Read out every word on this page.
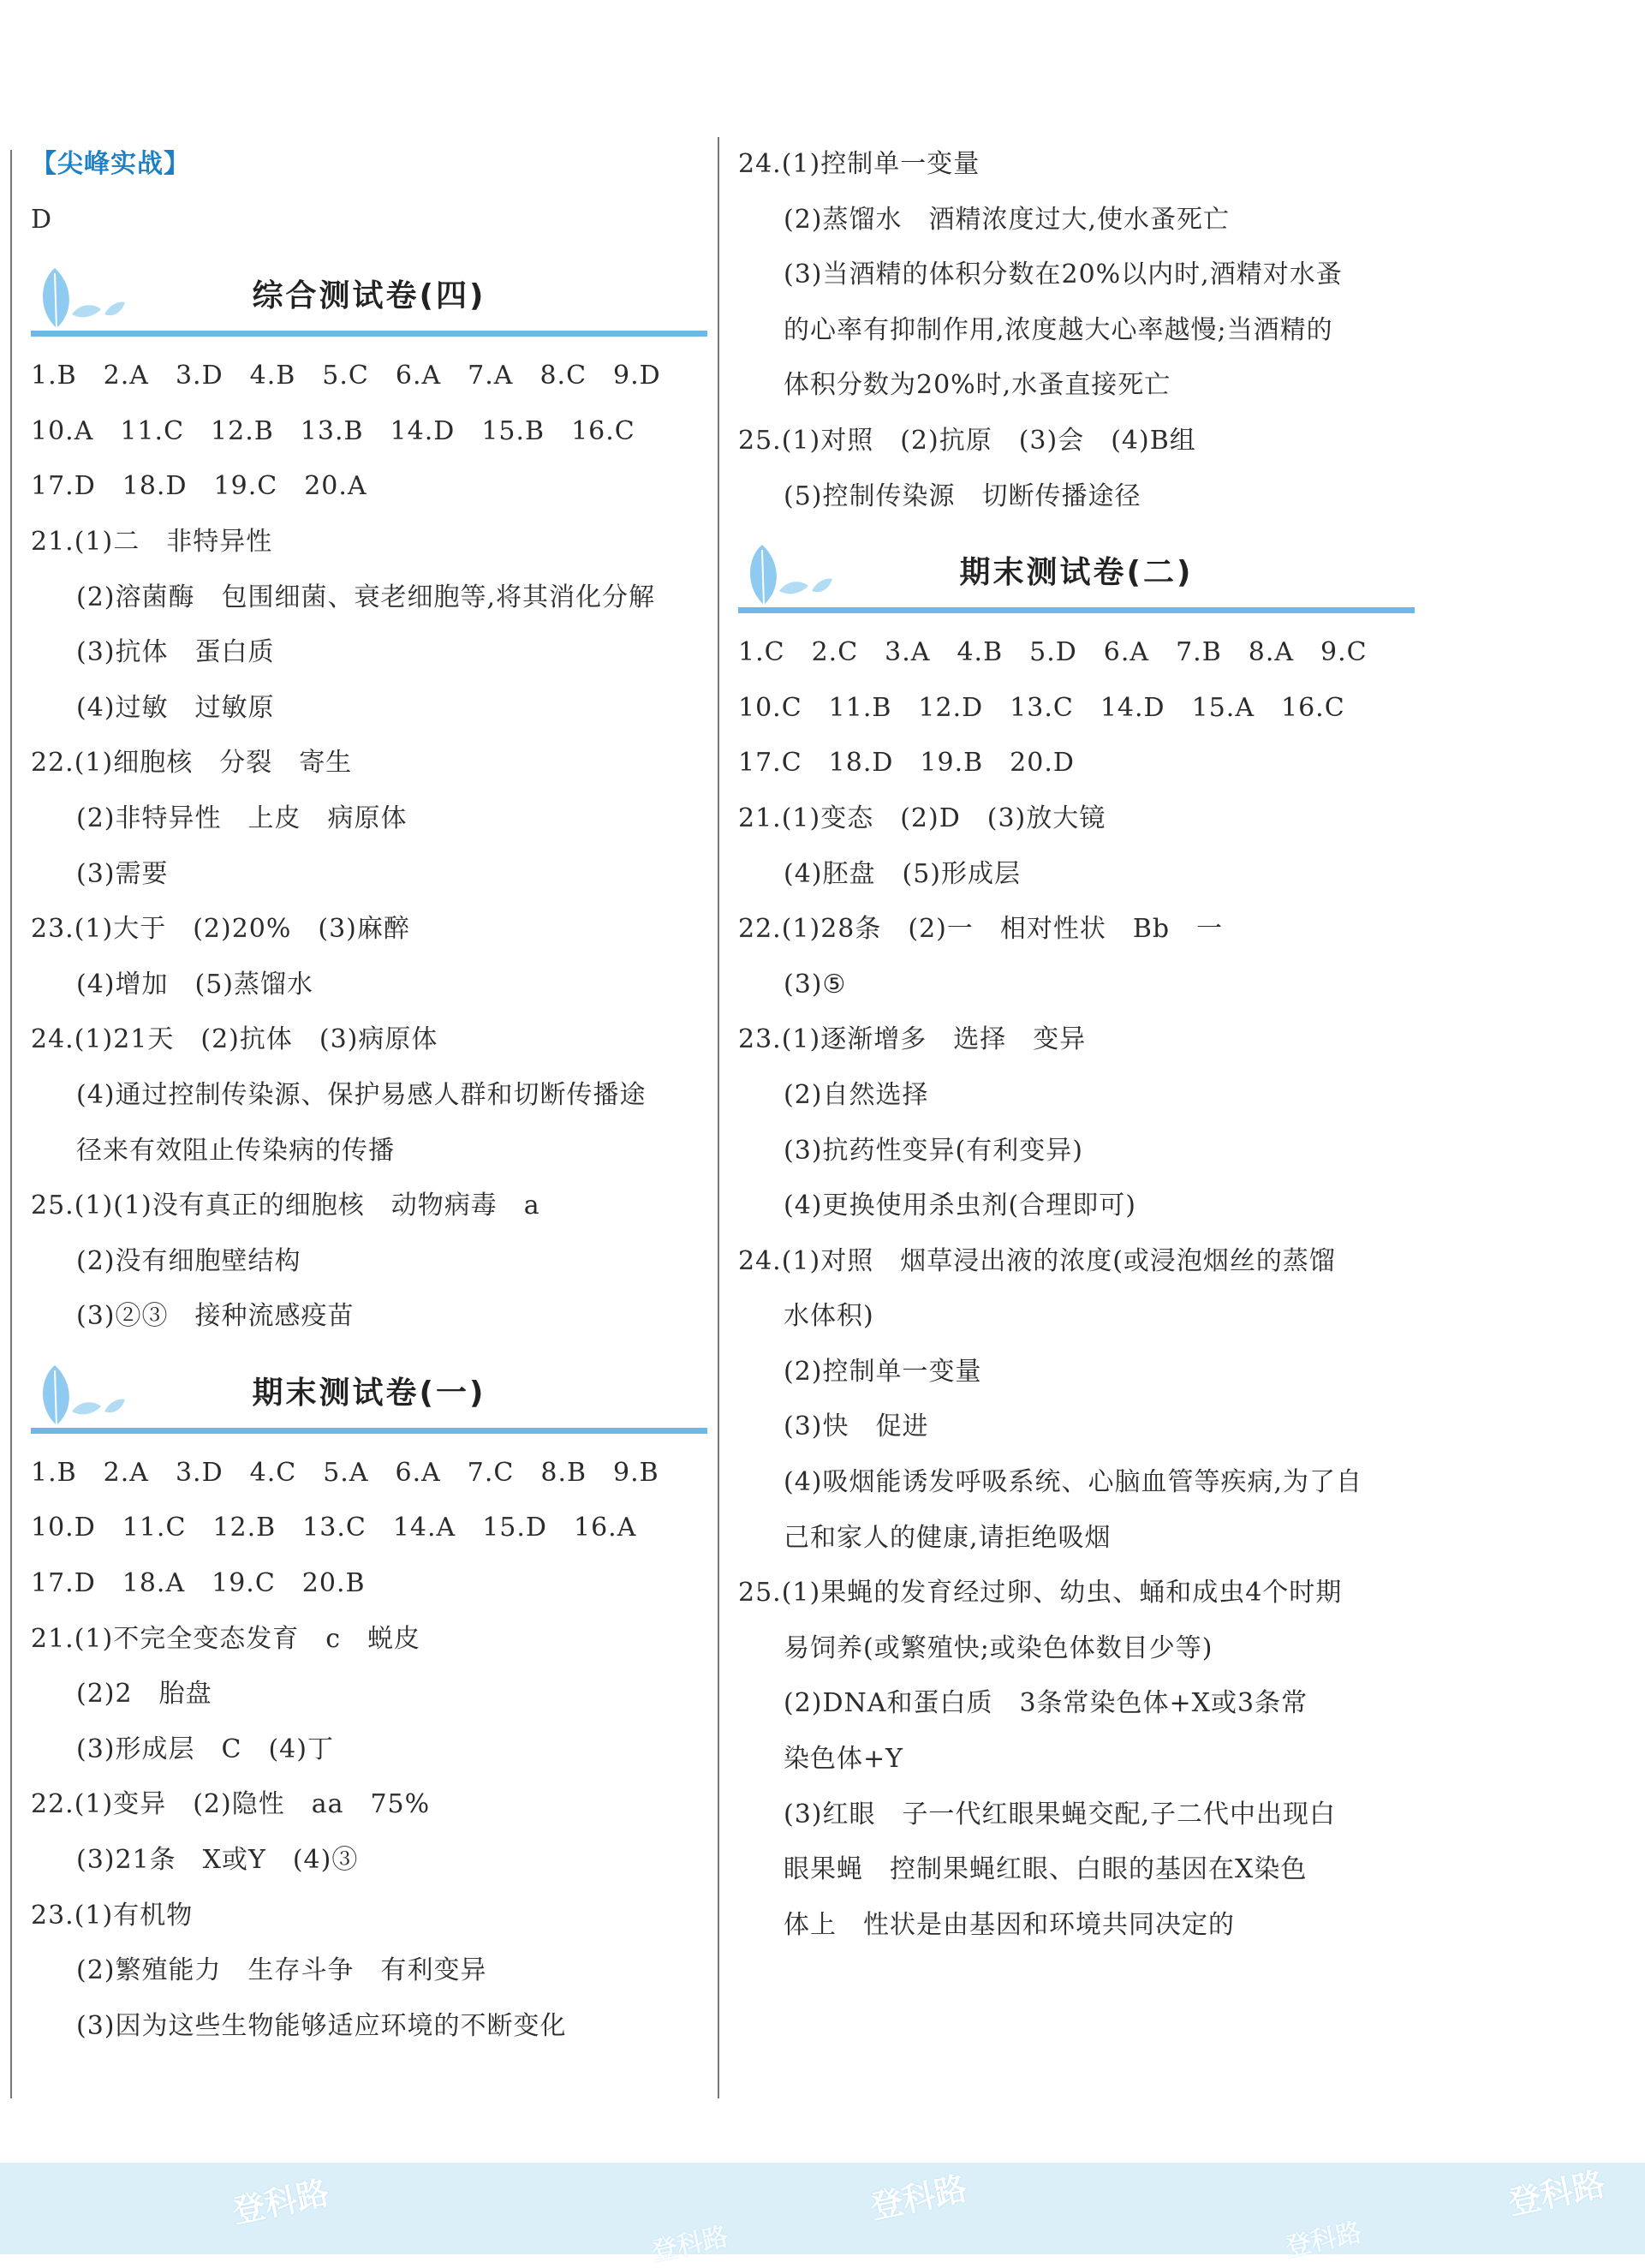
【尖峰实战】
D
综合测试卷(四)
1.B　2.A　3.D　4.B　5.C　6.A　7.A　8.C　9.D
10.A　11.C　12.B　13.B　14.D　15.B　16.C
17.D　18.D　19.C　20.A
21.(1)二　非特异性
(2)溶菌酶　包围细菌、衰老细胞等,将其消化分解
(3)抗体　蛋白质
(4)过敏　过敏原
22.(1)细胞核　分裂　寄生
(2)非特异性　上皮　病原体
(3)需要
23.(1)大于　(2)20%　(3)麻醉
(4)增加　(5)蒸馏水
24.(1)21天　(2)抗体　(3)病原体
(4)通过控制传染源、保护易感人群和切断传播途
径来有效阻止传染病的传播
25.(1)(1)没有真正的细胞核　动物病毒　a
(2)没有细胞壁结构
(3)②③　接种流感疫苗
期末测试卷(一)
1.B　2.A　3.D　4.C　5.A　6.A　7.C　8.B　9.B
10.D　11.C　12.B　13.C　14.A　15.D　16.A
17.D　18.A　19.C　20.B
21.(1)不完全变态发育　c　蜕皮
(2)2　胎盘
(3)形成层　C　(4)丁
22.(1)变异　(2)隐性　aa　75%
(3)21条　X或Y　(4)③
23.(1)有机物
(2)繁殖能力　生存斗争　有利变异
(3)因为这些生物能够适应环境的不断变化
24.(1)控制单一变量
(2)蒸馏水　酒精浓度过大,使水蚤死亡
(3)当酒精的体积分数在20%以内时,酒精对水蚤
的心率有抑制作用,浓度越大心率越慢;当酒精的
体积分数为20%时,水蚤直接死亡
25.(1)对照　(2)抗原　(3)会　(4)B组
(5)控制传染源　切断传播途径
期末测试卷(二)
1.C　2.C　3.A　4.B　5.D　6.A　7.B　8.A　9.C
10.C　11.B　12.D　13.C　14.D　15.A　16.C
17.C　18.D　19.B　20.D
21.(1)变态　(2)D　(3)放大镜
(4)胚盘　(5)形成层
22.(1)28条　(2)一　相对性状　Bb　一
(3)⑤
23.(1)逐渐增多　选择　变异
(2)自然选择
(3)抗药性变异(有利变异)
(4)更换使用杀虫剂(合理即可)
24.(1)对照　烟草浸出液的浓度(或浸泡烟丝的蒸馏
水体积)
(2)控制单一变量
(3)快　促进
(4)吸烟能诱发呼吸系统、心脑血管等疾病,为了自
己和家人的健康,请拒绝吸烟
25.(1)果蝇的发育经过卵、幼虫、蛹和成虫4个时期
易饲养(或繁殖快;或染色体数目少等)
(2)DNA和蛋白质　3条常染色体+X或3条常
染色体+Y
(3)红眼　子一代红眼果蝇交配,子二代中出现白
眼果蝇　控制果蝇红眼、白眼的基因在X染色
体上　性状是由基因和环境共同决定的
登科路	登科路	登科路
登科路	登科路
